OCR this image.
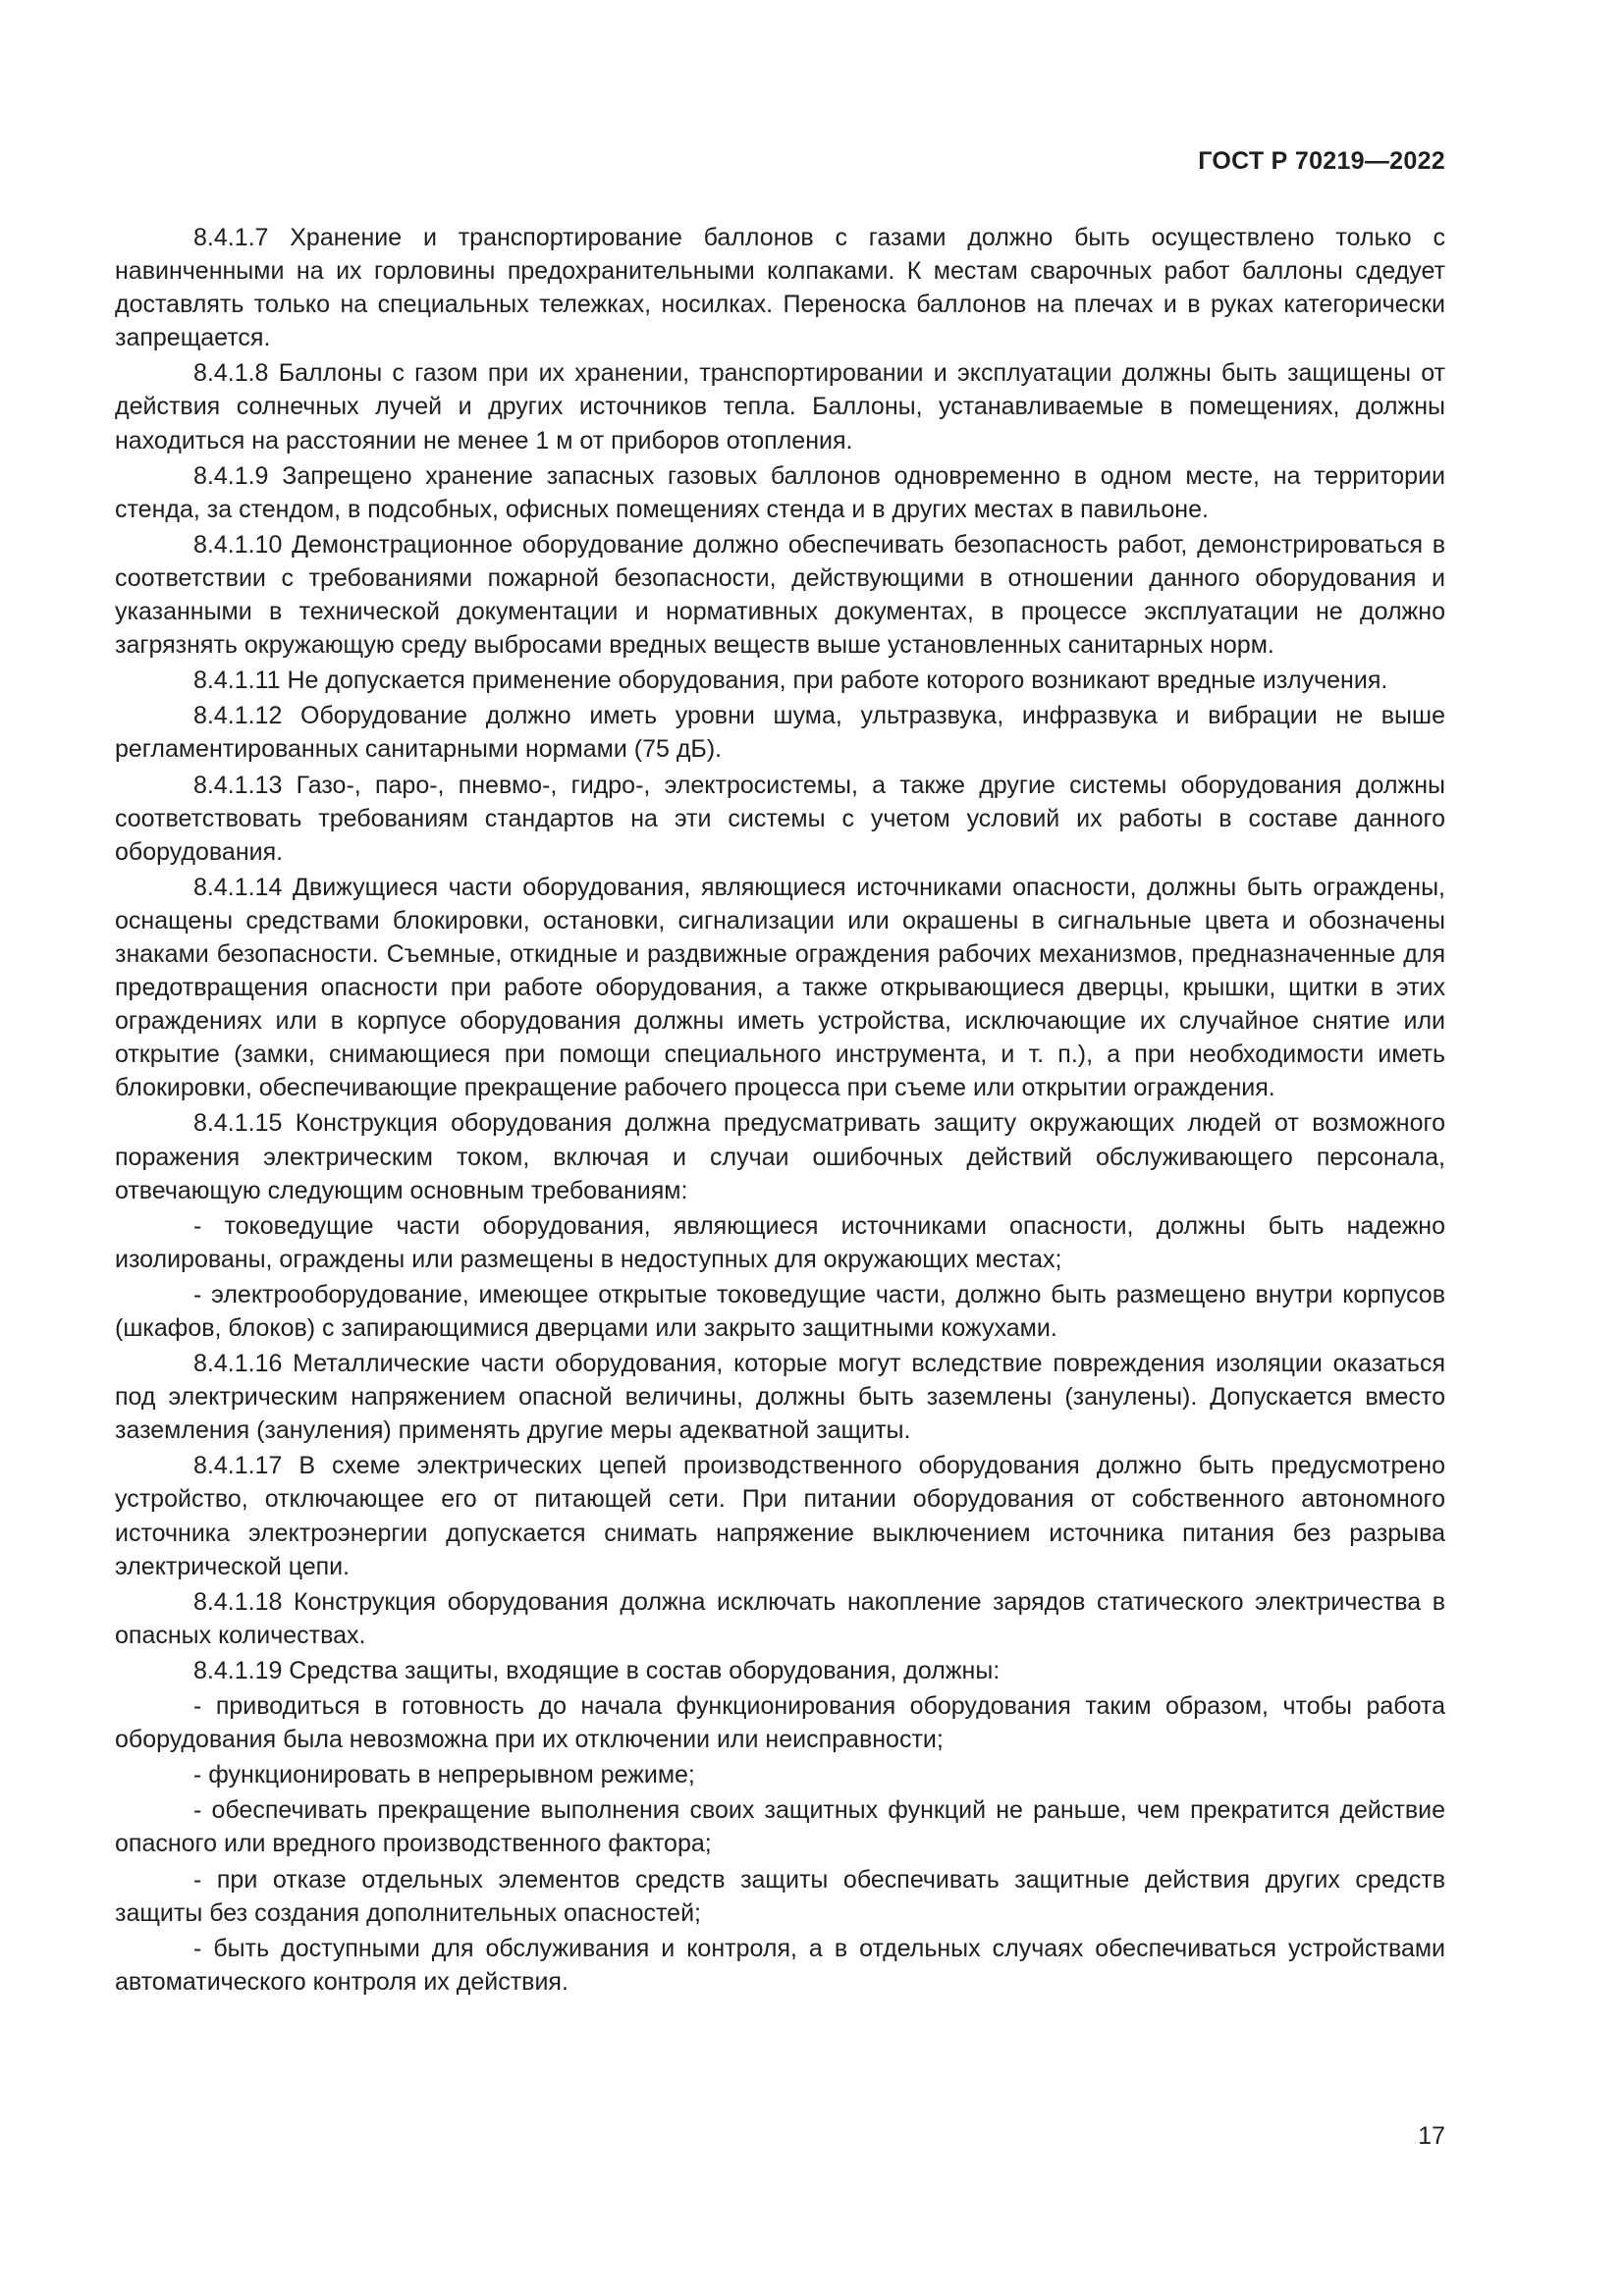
ГОСТ Р 70219—2022

8.4.1.7 Хранение и транспортирование баллонов с газами должно быть осуществлено только с навинченными на их горловины предохранительными колпаками. К местам сварочных работ баллоны сдедует доставлять только на специальных тележках, носилках. Переноска баллонов на плечах и в руках категорически запрещается.

8.4.1.8 Баллоны с газом при их хранении, транспортировании и эксплуатации должны быть защищены от действия солнечных лучей и других источников тепла. Баллоны, устанавливаемые в помещениях, должны находиться на расстоянии не менее 1 м от приборов отопления.

8.4.1.9 Запрещено хранение запасных газовых баллонов одновременно в одном месте, на территории стенда, за стендом, в подсобных, офисных помещениях стенда и в других местах в павильоне.

8.4.1.10 Демонстрационное оборудование должно обеспечивать безопасность работ, демонстрироваться в соответствии с требованиями пожарной безопасности, действующими в отношении данного оборудования и указанными в технической документации и нормативных документах, в процессе эксплуатации не должно загрязнять окружающую среду выбросами вредных веществ выше установленных санитарных норм.

8.4.1.11 Не допускается применение оборудования, при работе которого возникают вредные излучения.

8.4.1.12 Оборудование должно иметь уровни шума, ультразвука, инфразвука и вибрации не выше регламентированных санитарными нормами (75 дБ).

8.4.1.13 Газо-, паро-, пневмо-, гидро-, электросистемы, а также другие системы оборудования должны соответствовать требованиям стандартов на эти системы с учетом условий их работы в составе данного оборудования.

8.4.1.14 Движущиеся части оборудования, являющиеся источниками опасности, должны быть ограждены, оснащены средствами блокировки, остановки, сигнализации или окрашены в сигнальные цвета и обозначены знаками безопасности. Съемные, откидные и раздвижные ограждения рабочих механизмов, предназначенные для предотвращения опасности при работе оборудования, а также открывающиеся дверцы, крышки, щитки в этих ограждениях или в корпусе оборудования должны иметь устройства, исключающие их случайное снятие или открытие (замки, снимающиеся при помощи специального инструмента, и т. п.), а при необходимости иметь блокировки, обеспечивающие прекращение рабочего процесса при съеме или открытии ограждения.

8.4.1.15 Конструкция оборудования должна предусматривать защиту окружающих людей от возможного поражения электрическим током, включая и случаи ошибочных действий обслуживающего персонала, отвечающую следующим основным требованиям:

- токоведущие части оборудования, являющиеся источниками опасности, должны быть надежно изолированы, ограждены или размещены в недоступных для окружающих местах;

- электрооборудование, имеющее открытые токоведущие части, должно быть размещено внутри корпусов (шкафов, блоков) с запирающимися дверцами или закрыто защитными кожухами.

8.4.1.16 Металлические части оборудования, которые могут вследствие повреждения изоляции оказаться под электрическим напряжением опасной величины, должны быть заземлены (занулены). Допускается вместо заземления (зануления) применять другие меры адекватной защиты.

8.4.1.17 В схеме электрических цепей производственного оборудования должно быть предусмотрено устройство, отключающее его от питающей сети. При питании оборудования от собственного автономного источника электроэнергии допускается снимать напряжение выключением источника питания без разрыва электрической цепи.

8.4.1.18 Конструкция оборудования должна исключать накопление зарядов статического электричества в опасных количествах.

8.4.1.19 Средства защиты, входящие в состав оборудования, должны:

- приводиться в готовность до начала функционирования оборудования таким образом, чтобы работа оборудования была невозможна при их отключении или неисправности;

- функционировать в непрерывном режиме;

- обеспечивать прекращение выполнения своих защитных функций не раньше, чем прекратится действие опасного или вредного производственного фактора;

- при отказе отдельных элементов средств защиты обеспечивать защитные действия других средств защиты без создания дополнительных опасностей;

- быть доступными для обслуживания и контроля, а в отдельных случаях обеспечиваться устройствами автоматического контроля их действия.

17
